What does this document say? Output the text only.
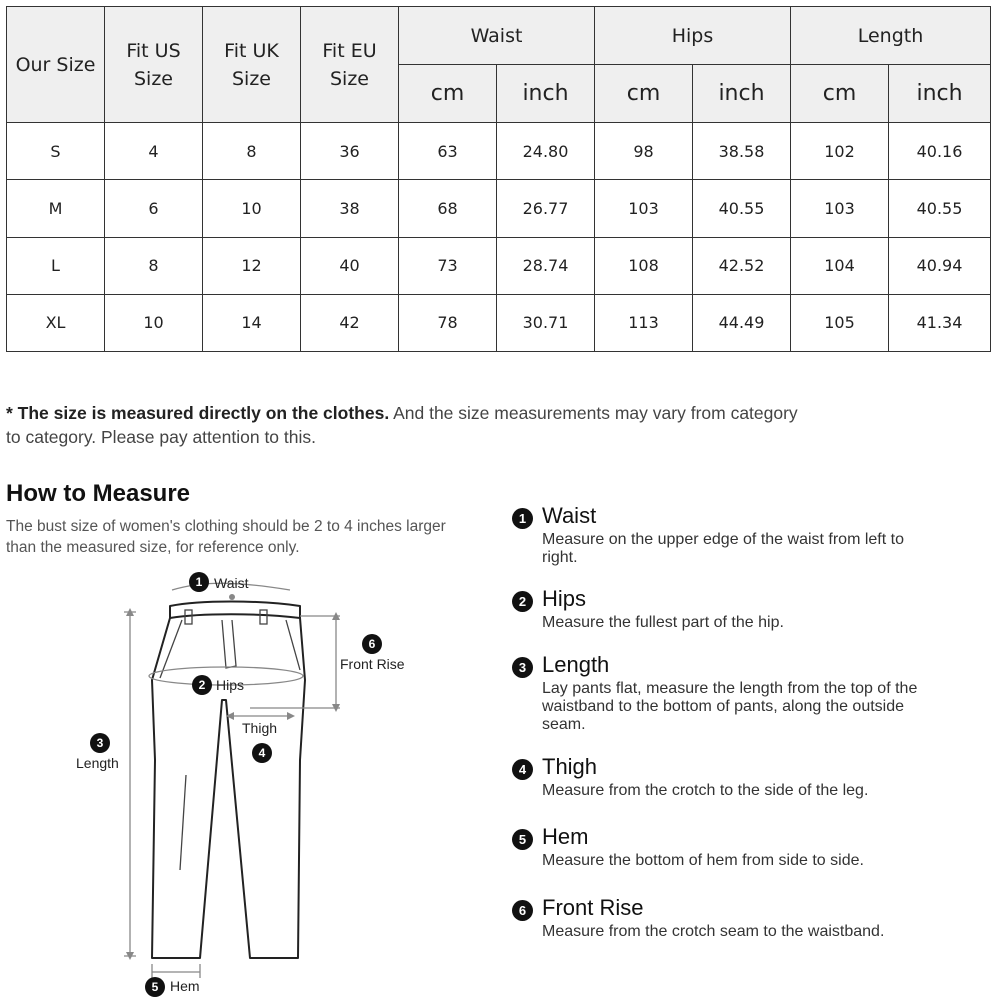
Our Size	Fit US Size	Fit UK Size	Fit EU Size	Waist		Hips		Length	
				cm	inch	cm	inch	cm	inch
S	4	8	36	63	24.80	98	38.58	102	40.16
M	6	10	38	68	26.77	103	40.55	103	40.55
L	8	12	40	73	28.74	108	42.52	104	40.94
XL	10	14	42	78	30.71	113	44.49	105	41.34
* The size is measured directly on the clothes. And the size measurements may vary from category to category. Please pay attention to this.
How to Measure
The bust size of women's clothing should be 2 to 4 inches larger than the measured size, for reference only.
1 Waist
2 Hips
3
Length
Thigh
4
5 Hem
6
Front Rise
1 Waist
Measure on the upper edge of the waist from left to right.
2 Hips
Measure the fullest part of the hip.
3 Length
Lay pants flat, measure the length from the top of the waistband to the bottom of pants, along the outside seam.
4 Thigh
Measure from the crotch to the side of the leg.
5 Hem
Measure the bottom of hem from side to side.
6 Front Rise
Measure from the crotch seam to the waistband.
